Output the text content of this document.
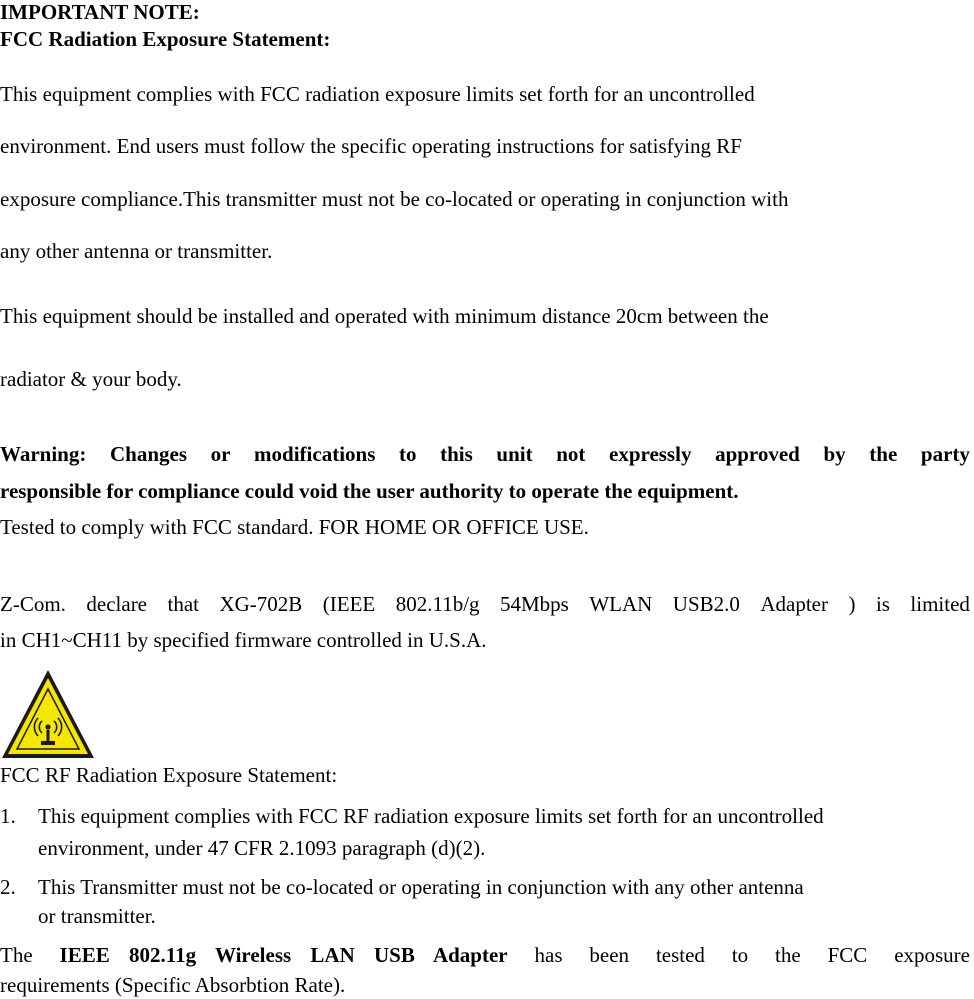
IMPORTANT NOTE:
FCC Radiation Exposure Statement:
This equipment complies with FCC radiation exposure limits set forth for an uncontrolled
environment. End users must follow the specific operating instructions for satisfying RF
exposure compliance.This transmitter must not be co-located or operating in conjunction with
any other antenna or transmitter.
This equipment should be installed and operated with minimum distance 20cm between the
radiator & your body.
Warning: Changes or modifications to this unit not expressly approved by the party
responsible for compliance could void the user authority to operate the equipment.
Tested to comply with FCC standard. FOR HOME OR OFFICE USE.
Z-Com. declare that XG-702B (IEEE 802.11b/g 54Mbps WLAN USB2.0 Adapter ) is limited
in CH1~CH11 by specified firmware controlled in U.S.A.
FCC RF Radiation Exposure Statement:
1. This equipment complies with FCC RF radiation exposure limits set forth for an uncontrolled
environment, under 47 CFR 2.1093 paragraph (d)(2).
2. This Transmitter must not be co-located or operating in conjunction with any other antenna
or transmitter.
The IEEE 802.11g Wireless LAN USB Adapter has been tested to the FCC exposure
requirements (Specific Absorbtion Rate).
